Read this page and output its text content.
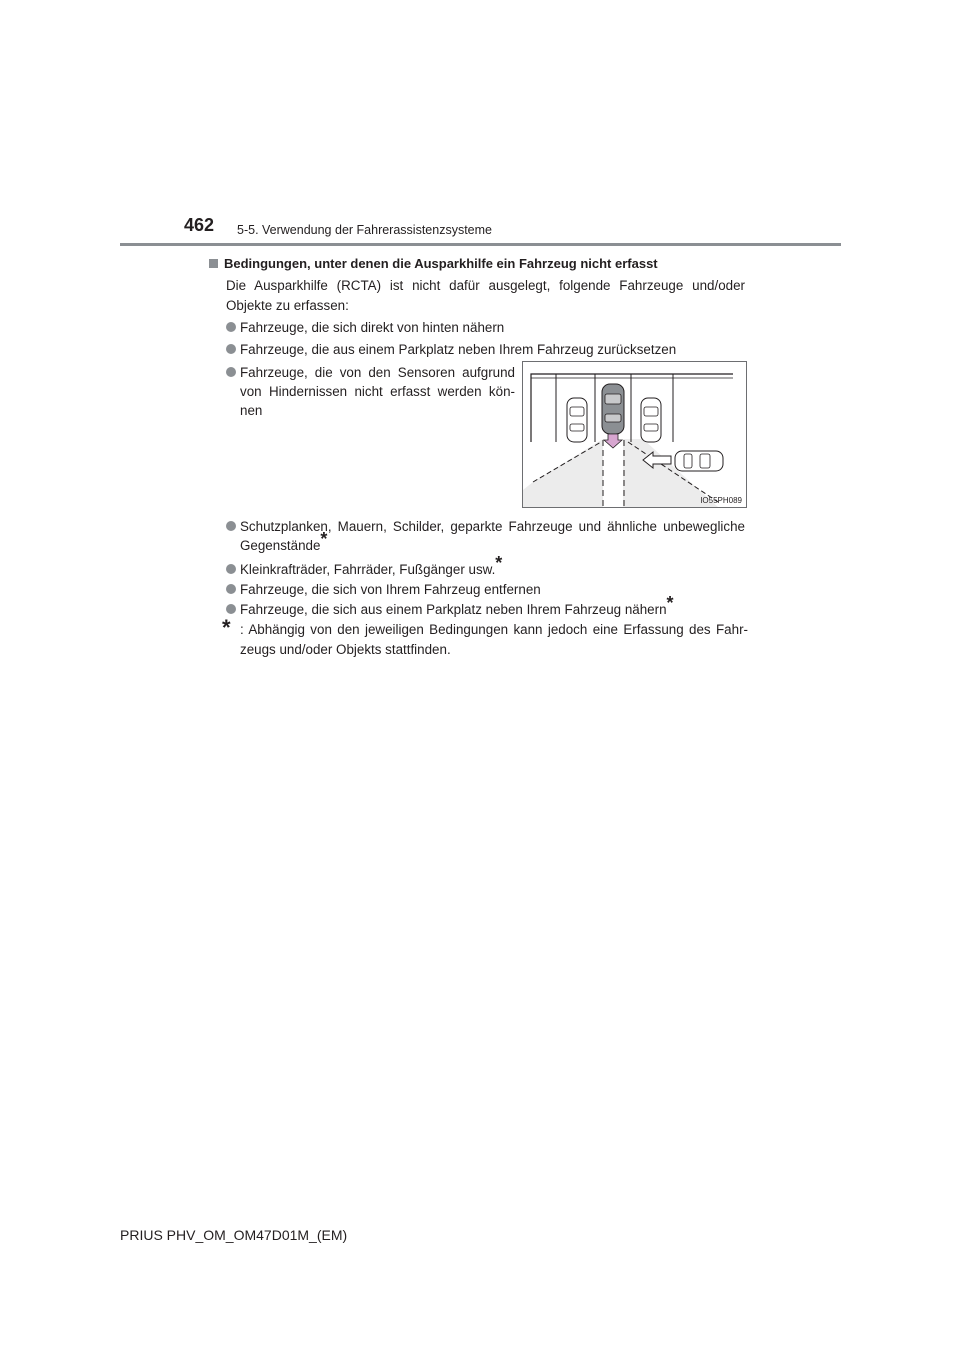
462 5-5. Verwendung der Fahrerassistenzsysteme
Bedingungen, unter denen die Ausparkhilfe ein Fahrzeug nicht erfasst
Die Ausparkhilfe (RCTA) ist nicht dafür ausgelegt, folgende Fahrzeuge und/oder Objekte zu erfassen:
Fahrzeuge, die sich direkt von hinten nähern
Fahrzeuge, die aus einem Parkplatz neben Ihrem Fahrzeug zurücksetzen
Fahrzeuge, die von den Sensoren aufgrund von Hindernissen nicht erfasst werden kön-nen
IO55PH089
Schutzplanken, Mauern, Schilder, geparkte Fahrzeuge und ähnliche unbewegliche Gegenstände*
Kleinkrafträder, Fahrräder, Fußgänger usw.*
Fahrzeuge, die sich von Ihrem Fahrzeug entfernen
Fahrzeuge, die sich aus einem Parkplatz neben Ihrem Fahrzeug nähern*
* : Abhängig von den jeweiligen Bedingungen kann jedoch eine Erfassung des Fahr-zeugs und/oder Objekts stattfinden.
PRIUS PHV_OM_OM47D01M_(EM)
